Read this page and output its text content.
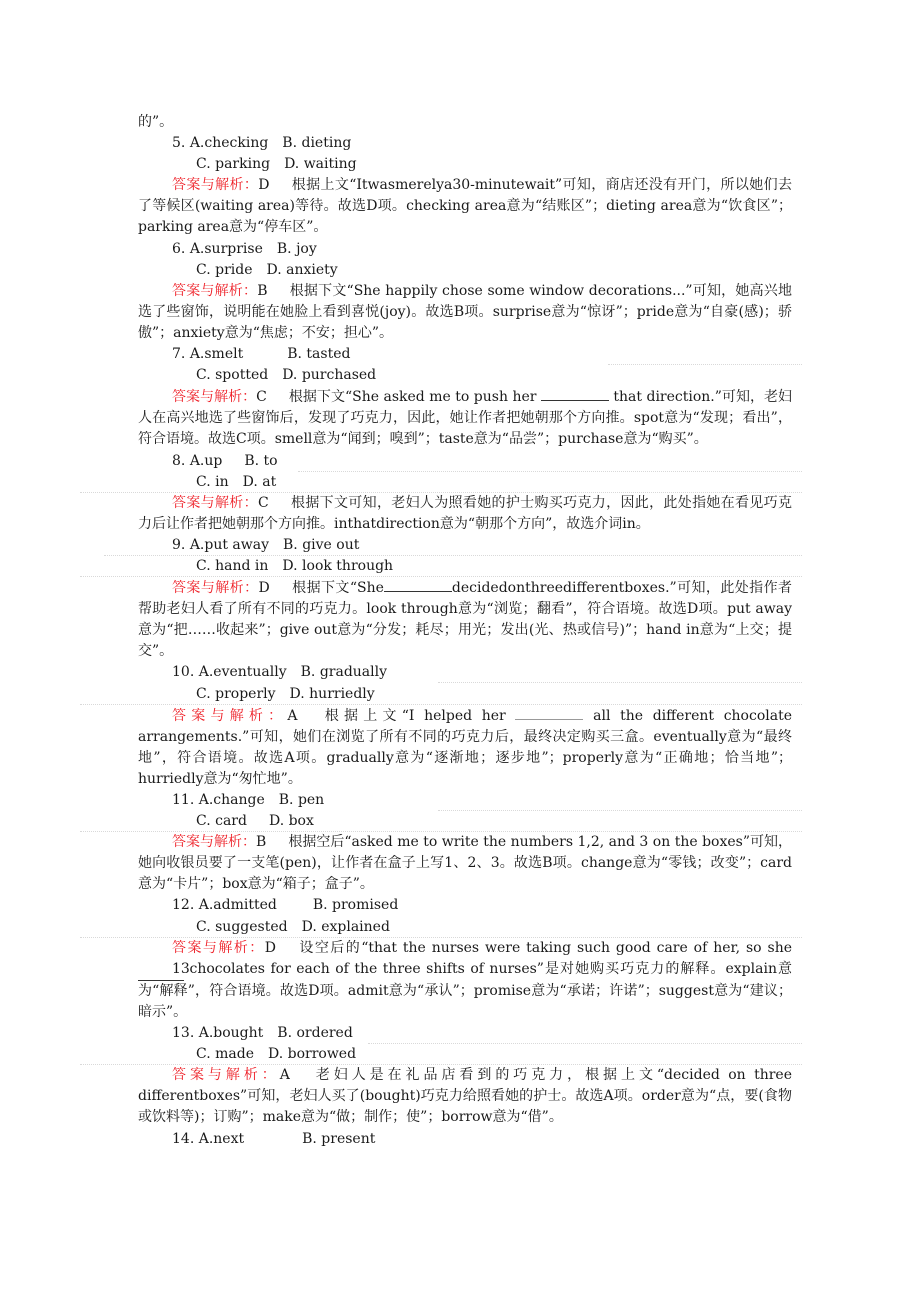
的”。
5. A.checking B. dieting
C. parking D. waiting
答案与解析：D 根据上文“Itwasmerelya30-minutewait”可知，商店还没有开门，所以她们去了等候区(waiting area)等待。故选D项。checking area意为“结账区”；dieting area意为“饮食区”；parking area意为“停车区”。
6. A.surprise B. joy
C. pride D. anxiety
答案与解析：B 根据下文“She happily chose some window decorations...”可知，她高兴地选了些窗饰，说明能在她脸上看到喜悦(joy)。故选B项。surprise意为“惊讶”；pride意为“自豪(感)；骄傲”；anxiety意为“焦虑；不安；担心”。
7. A.smelt	B. tasted
C. spotted D. purchased
答案与解析：C 根据下文“She asked me to push her	that direction.”可知，老妇人在高兴地选了些窗饰后，发现了巧克力，因此，她让作者把她朝那个方向推。spot意为“发现；看出”，符合语境。故选C项。smell意为“闻到；嗅到”；taste意为“品尝”；purchase意为“购买”。
8. A.up B. to
C. in D. at
答案与解析：C 根据下文可知，老妇人为照看她的护士购买巧克力，因此，此处指她在看见巧克力后让作者把她朝那个方向推。inthatdirection意为“朝那个方向”，故选介词in。
9. A.put away B. give out
C. hand in D. look through
答案与解析：D 根据下文“She	decidedonthreedifferentboxes.”可知，此处指作者帮助老妇人看了所有不同的巧克力。look through意为“浏览；翻看”，符合语境。故选D项。put away意为“把……收起来”；give out意为“分发；耗尽；用光；发出(光、热或信号)”；hand in意为“上交；提交”。
10. A.eventually B. gradually
C. properly D. hurriedly
答案与解析：A 根据上文“I helped her	all the different chocolate arrangements.”可知，她们在浏览了所有不同的巧克力后，最终决定购买三盒。eventually意为“最终地”，符合语境。故选A项。gradually意为“逐渐地；逐步地”；properly意为“正确地；恰当地”；hurriedly意为“匆忙地”。
11. A.change B. pen
C. card D. box
答案与解析：B 根据空后“asked me to write the numbers 1,2, and 3 on the boxes”可知，她向收银员要了一支笔(pen)，让作者在盒子上写1、2、3。故选B项。change意为“零钱；改变”；card意为“卡片”；box意为“箱子；盒子”。
12. A.admitted	B. promised
C. suggested D. explained
答案与解析：D 设空后的“that the nurses were taking such good care of her, so she 13 chocolates for each of the three shifts of nurses”是对她购买巧克力的解释。explain意为“解释”，符合语境。故选D项。admit意为“承认”；promise意为“承诺；许诺”；suggest意为“建议；暗示”。
13. A.bought B. ordered
C. made D. borrowed
答案与解析：A 老妇人是在礼品店看到的巧克力，根据上文“decided on three differentboxes”可知，老妇人买了(bought)巧克力给照看她的护士。故选A项。order意为“点，要(食物或饮料等)；订购”；make意为“做；制作；使”；borrow意为“借”。
14. A.next	B. present
